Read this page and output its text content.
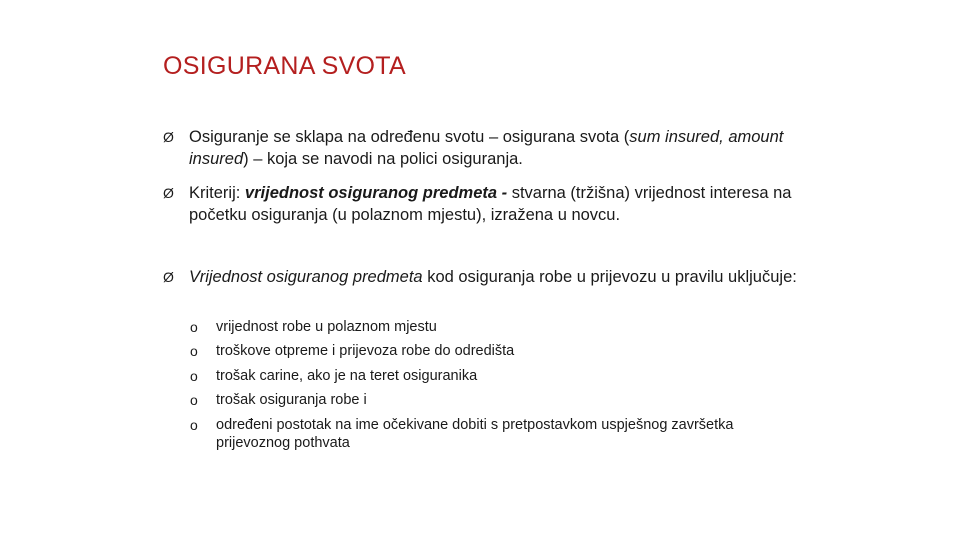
OSIGURANA SVOTA
Ø Osiguranje se sklapa na određenu svotu – osigurana svota (sum insured, amount insured) – koja se navodi na polici osiguranja.
Ø Kriterij: vrijednost osiguranog predmeta - stvarna (tržišna) vrijednost interesa na početku osiguranja (u polaznom mjestu), izražena u novcu.
Ø Vrijednost osiguranog predmeta kod osiguranja robe u prijevozu u pravilu uključuje:
o vrijednost robe u polaznom mjestu
o troškove otpreme i prijevoza robe do odredišta
o trošak carine, ako je na teret osiguranika
o trošak osiguranja robe i
o određeni postotak na ime očekivane dobiti s pretpostavkom uspješnog završetka prijevoznog pothvata
